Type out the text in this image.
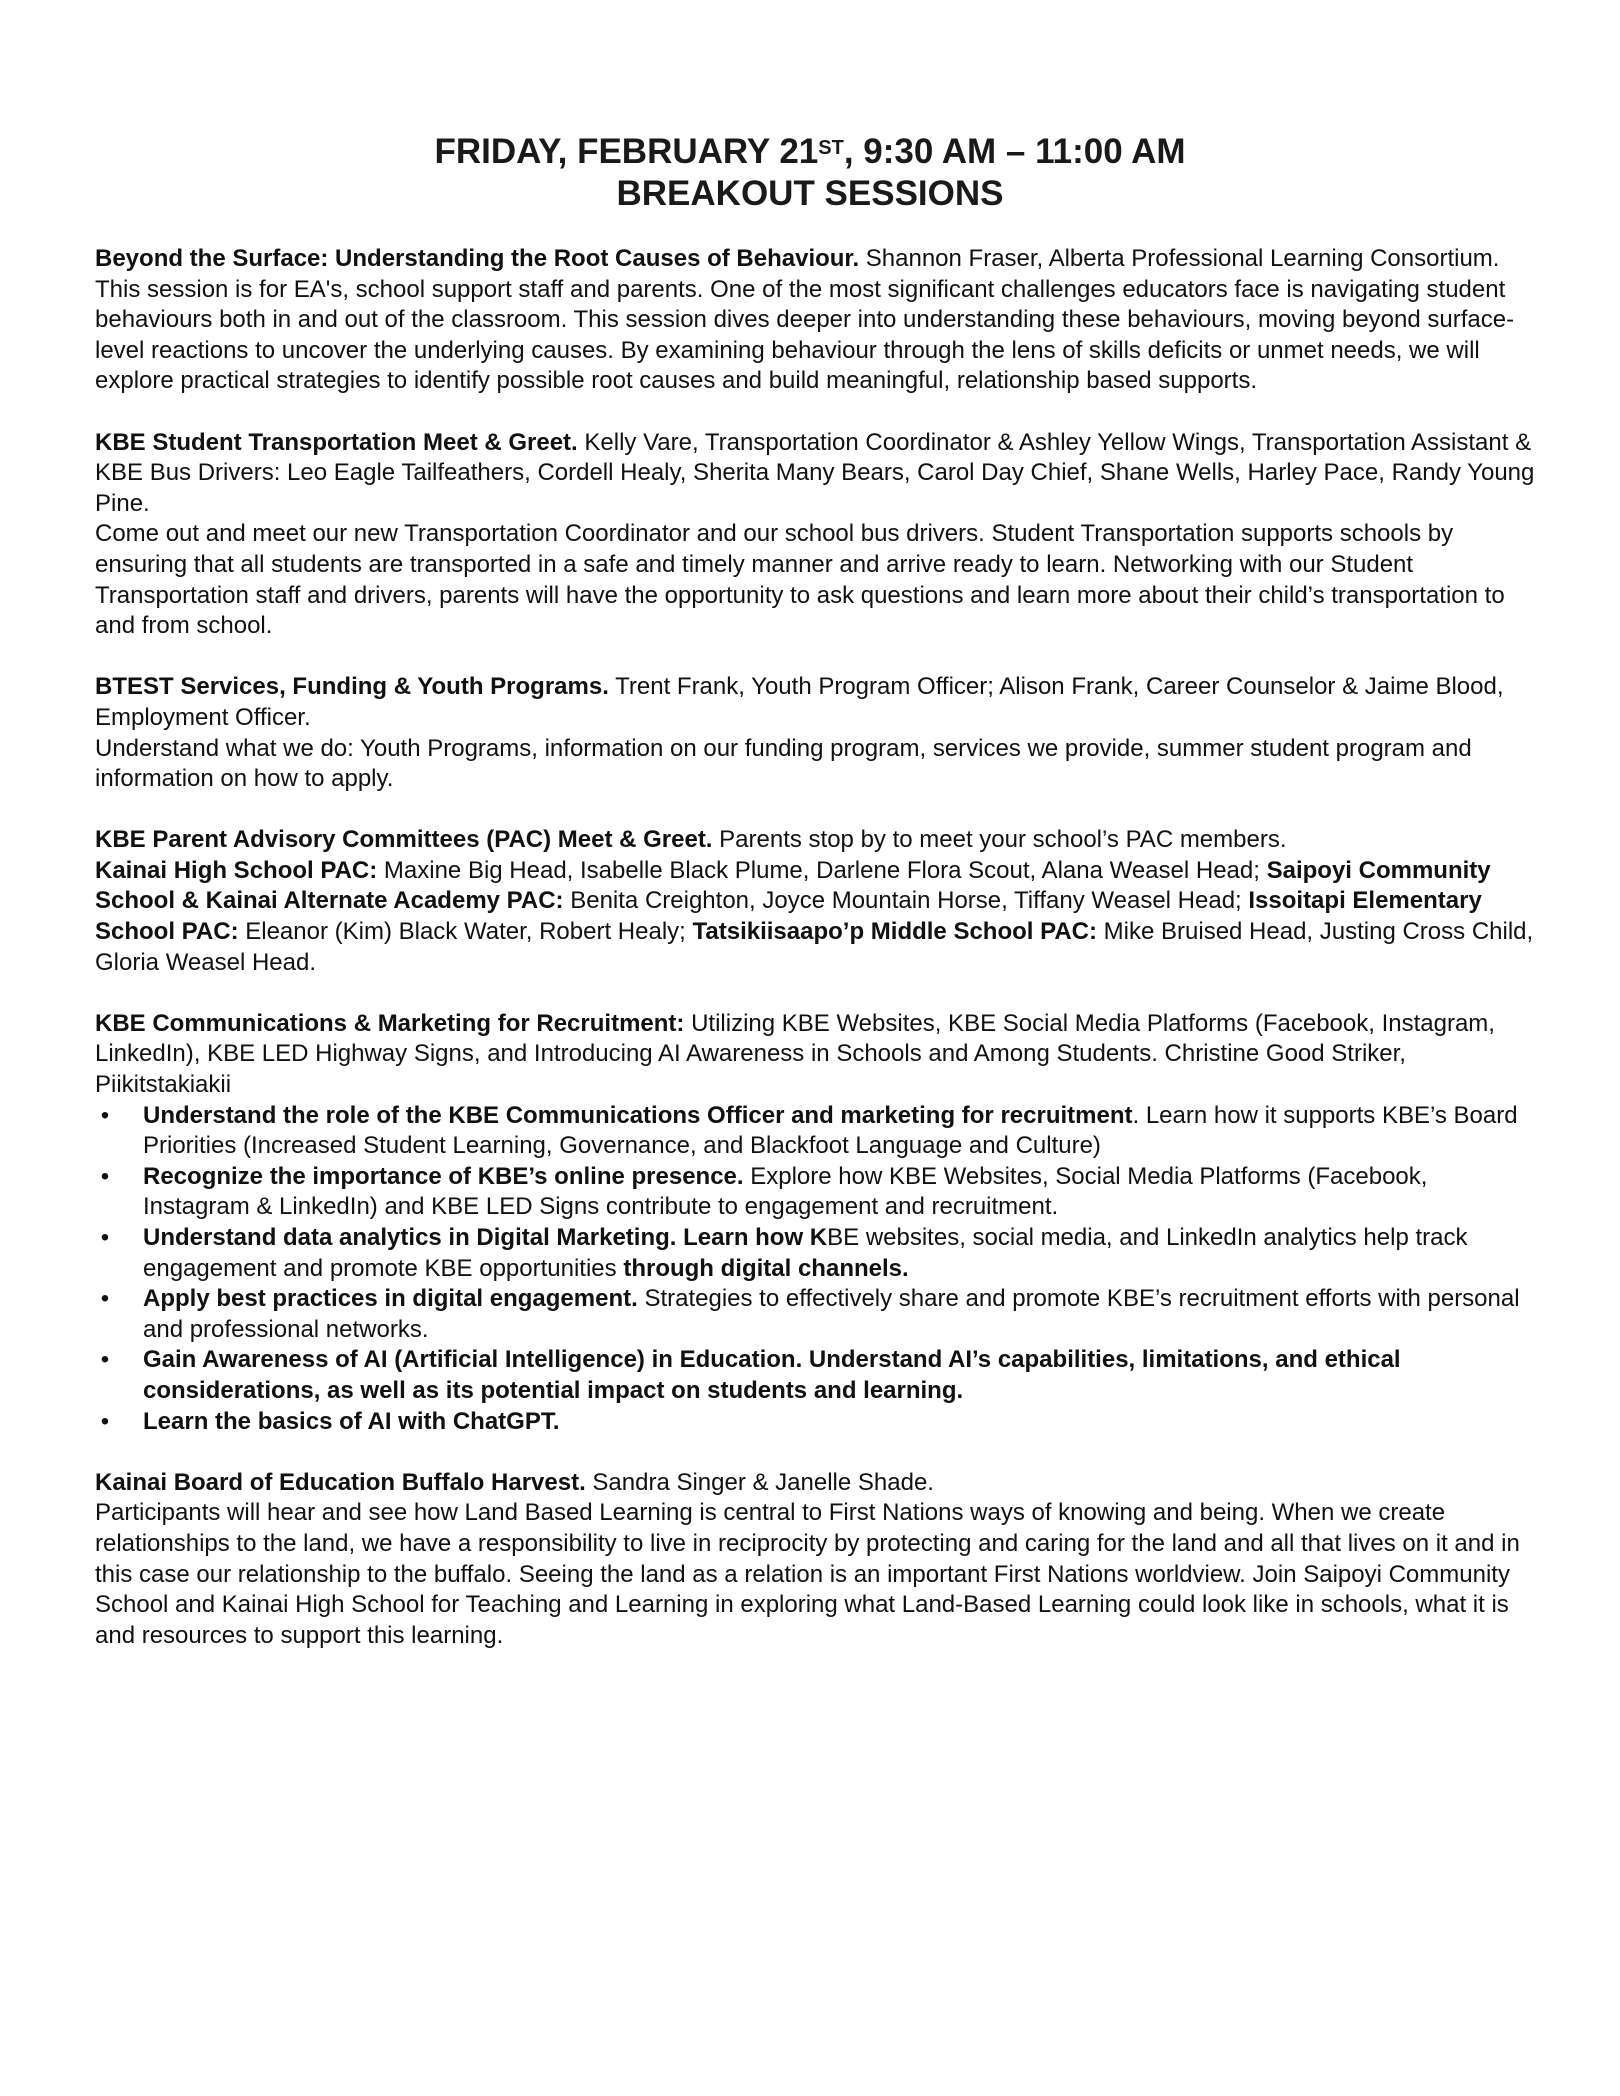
FRIDAY, FEBRUARY 21ST, 9:30 AM – 11:00 AM
BREAKOUT SESSIONS

Beyond the Surface: Understanding the Root Causes of Behaviour. Shannon Fraser, Alberta Professional Learning Consortium.

This session is for EA's, school support staff and parents. One of the most significant challenges educators face is navigating student behaviours both in and out of the classroom. This session dives deeper into understanding these behaviours, moving beyond surface-level reactions to uncover the underlying causes. By examining behaviour through the lens of skills deficits or unmet needs, we will explore practical strategies to identify possible root causes and build meaningful, relationship based supports.

KBE Student Transportation Meet & Greet. Kelly Vare, Transportation Coordinator & Ashley Yellow Wings, Transportation Assistant & KBE Bus Drivers: Leo Eagle Tailfeathers, Cordell Healy, Sherita Many Bears, Carol Day Chief, Shane Wells, Harley Pace, Randy Young Pine.

Come out and meet our new Transportation Coordinator and our school bus drivers. Student Transportation supports schools by ensuring that all students are transported in a safe and timely manner and arrive ready to learn. Networking with our Student Transportation staff and drivers, parents will have the opportunity to ask questions and learn more about their child’s transportation to and from school.

BTEST Services, Funding & Youth Programs. Trent Frank, Youth Program Officer; Alison Frank, Career Counselor & Jaime Blood, Employment Officer.

Understand what we do: Youth Programs, information on our funding program, services we provide, summer student program and information on how to apply.

KBE Parent Advisory Committees (PAC) Meet & Greet. Parents stop by to meet your school’s PAC members.

Kainai High School PAC: Maxine Big Head, Isabelle Black Plume, Darlene Flora Scout, Alana Weasel Head; Saipoyi Community School & Kainai Alternate Academy PAC: Benita Creighton, Joyce Mountain Horse, Tiffany Weasel Head; Issoitapi Elementary School PAC: Eleanor (Kim) Black Water, Robert Healy; Tatsikiisaapo’p Middle School PAC: Mike Bruised Head, Justing Cross Child, Gloria Weasel Head.

KBE Communications & Marketing for Recruitment: Utilizing KBE Websites, KBE Social Media Platforms (Facebook, Instagram, LinkedIn), KBE LED Highway Signs, and Introducing AI Awareness in Schools and Among Students. Christine Good Striker, Piikitstakiakii

• Understand the role of the KBE Communications Officer and marketing for recruitment. Learn how it supports KBE’s Board Priorities (Increased Student Learning, Governance, and Blackfoot Language and Culture)
• Recognize the importance of KBE’s online presence. Explore how KBE Websites, Social Media Platforms (Facebook, Instagram & LinkedIn) and KBE LED Signs contribute to engagement and recruitment.
• Understand data analytics in Digital Marketing. Learn how KBE websites, social media, and LinkedIn analytics help track engagement and promote KBE opportunities through digital channels.
• Apply best practices in digital engagement. Strategies to effectively share and promote KBE’s recruitment efforts with personal and professional networks.
• Gain Awareness of AI (Artificial Intelligence) in Education. Understand AI’s capabilities, limitations, and ethical considerations, as well as its potential impact on students and learning.
• Learn the basics of AI with ChatGPT.

Kainai Board of Education Buffalo Harvest. Sandra Singer & Janelle Shade.

Participants will hear and see how Land Based Learning is central to First Nations ways of knowing and being. When we create relationships to the land, we have a responsibility to live in reciprocity by protecting and caring for the land and all that lives on it and in this case our relationship to the buffalo. Seeing the land as a relation is an important First Nations worldview. Join Saipoyi Community School and Kainai High School for Teaching and Learning in exploring what Land-Based Learning could look like in schools, what it is and resources to support this learning.
